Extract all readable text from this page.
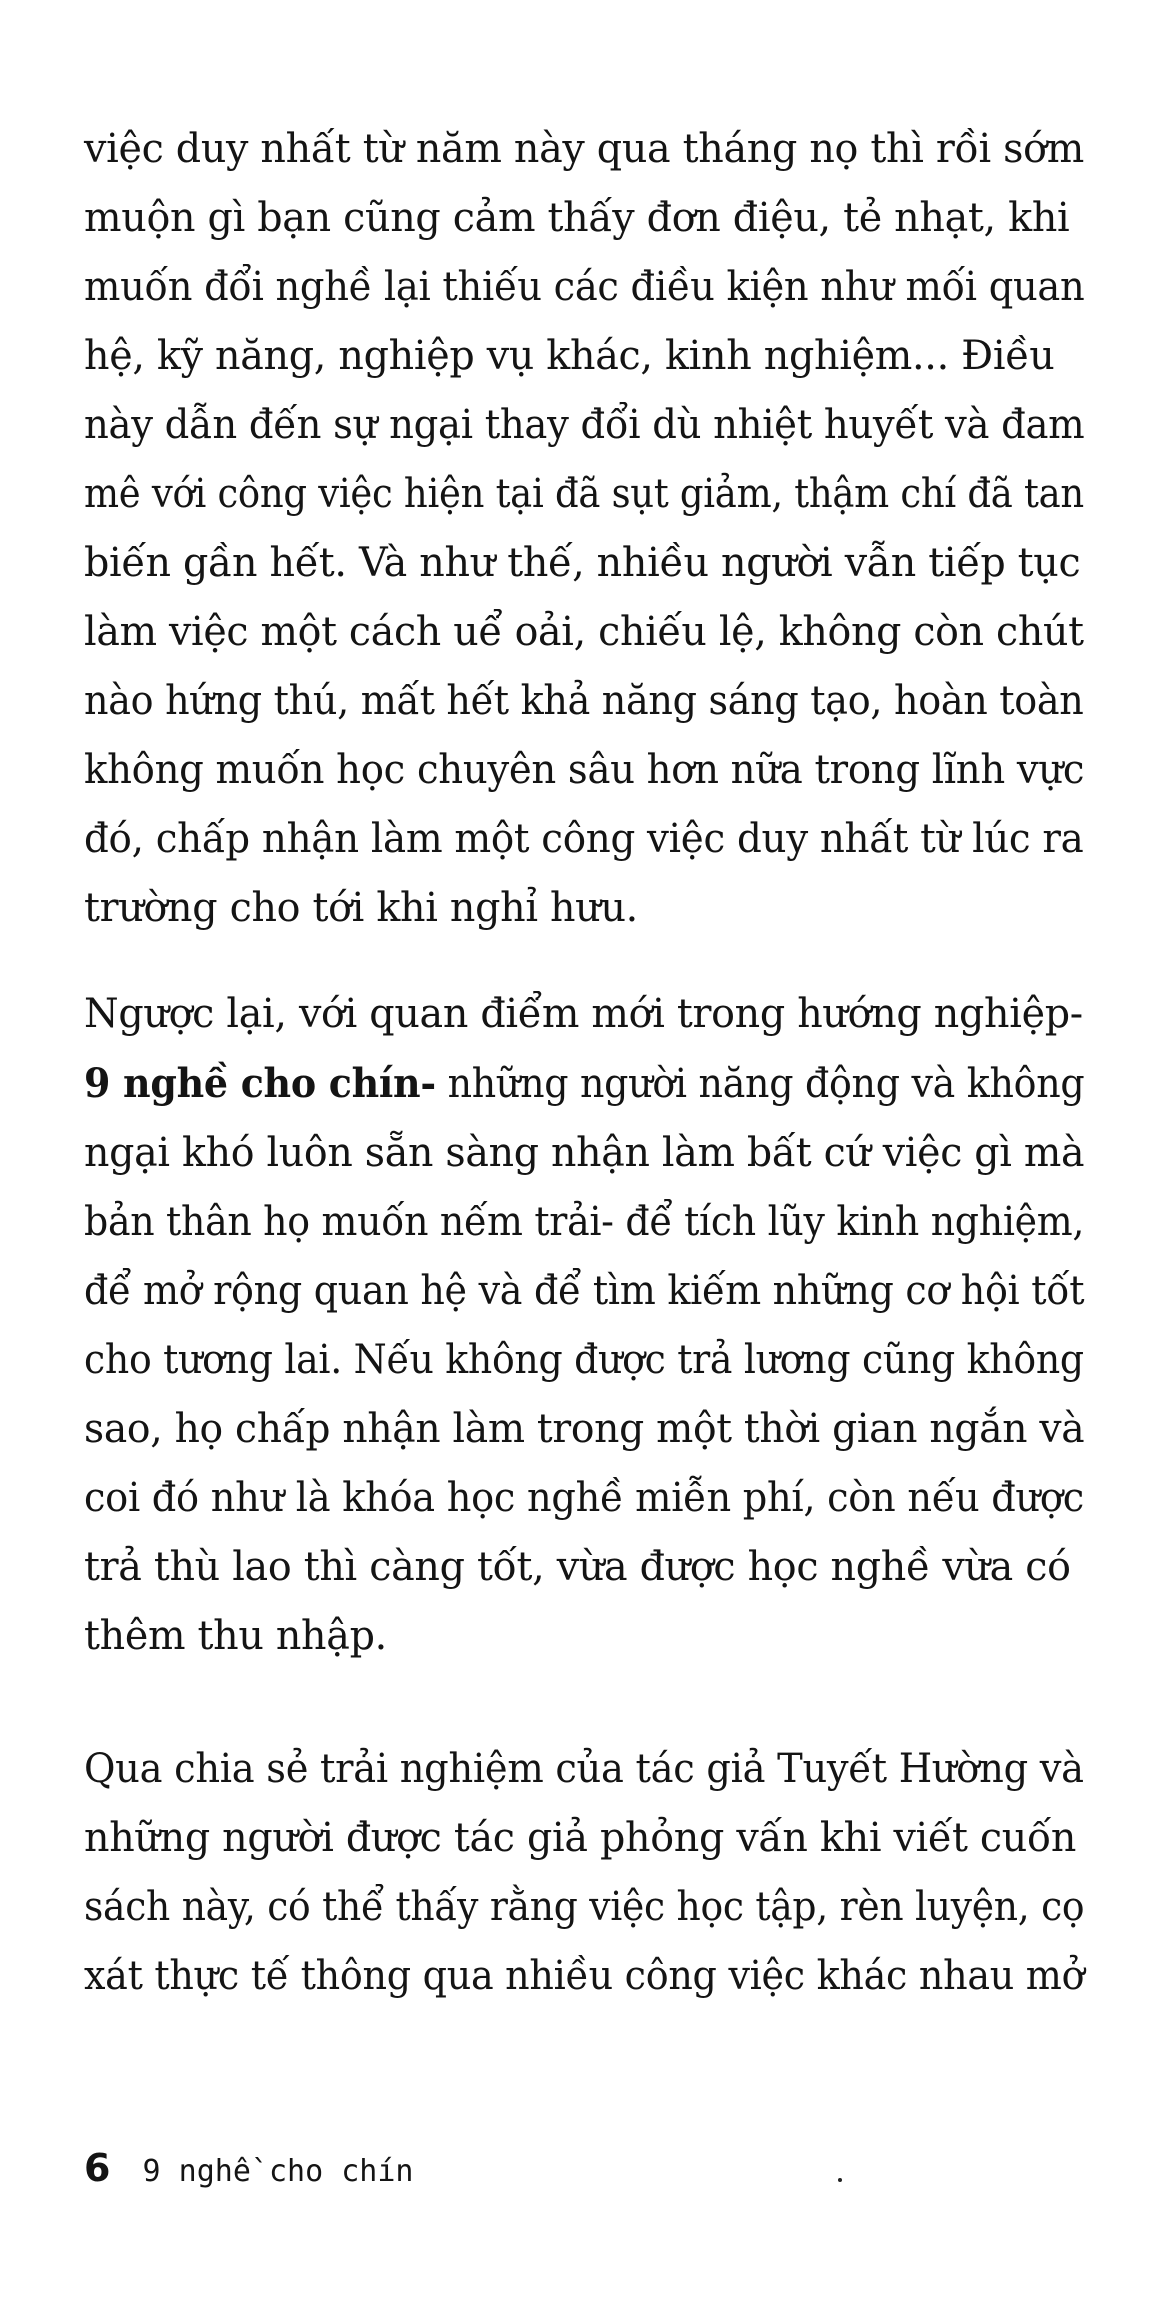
việc duy nhất từ năm này qua tháng nọ thì rồi sớm
muộn gì bạn cũng cảm thấy đơn điệu, tẻ nhạt, khi
muốn đổi nghề lại thiếu các điều kiện như mối quan
hệ, kỹ năng, nghiệp vụ khác, kinh nghiệm... Điều
này dẫn đến sự ngại thay đổi dù nhiệt huyết và đam
mê với công việc hiện tại đã sụt giảm, thậm chí đã tan
biến gần hết. Và như thế, nhiều người vẫn tiếp tục
làm việc một cách uể oải, chiếu lệ, không còn chút
nào hứng thú, mất hết khả năng sáng tạo, hoàn toàn
không muốn học chuyên sâu hơn nữa trong lĩnh vực
đó, chấp nhận làm một công việc duy nhất từ lúc ra
trường cho tới khi nghỉ hưu.
Ngược lại, với quan điểm mới trong hướng nghiệp-
9 nghề cho chín- những người năng động và không
ngại khó luôn sẵn sàng nhận làm bất cứ việc gì mà
bản thân họ muốn nếm trải- để tích lũy kinh nghiệm,
để mở rộng quan hệ và để tìm kiếm những cơ hội tốt
cho tương lai. Nếu không được trả lương cũng không
sao, họ chấp nhận làm trong một thời gian ngắn và
coi đó như là khóa học nghề miễn phí, còn nếu được
trả thù lao thì càng tốt, vừa được học nghề vừa có
thêm thu nhập.
Qua chia sẻ trải nghiệm của tác giả Tuyết Hường và
những người được tác giả phỏng vấn khi viết cuốn
sách này, có thể thấy rằng việc học tập, rèn luyện, cọ
xát thực tế thông qua nhiều công việc khác nhau mở
6 9 nghề cho chín
